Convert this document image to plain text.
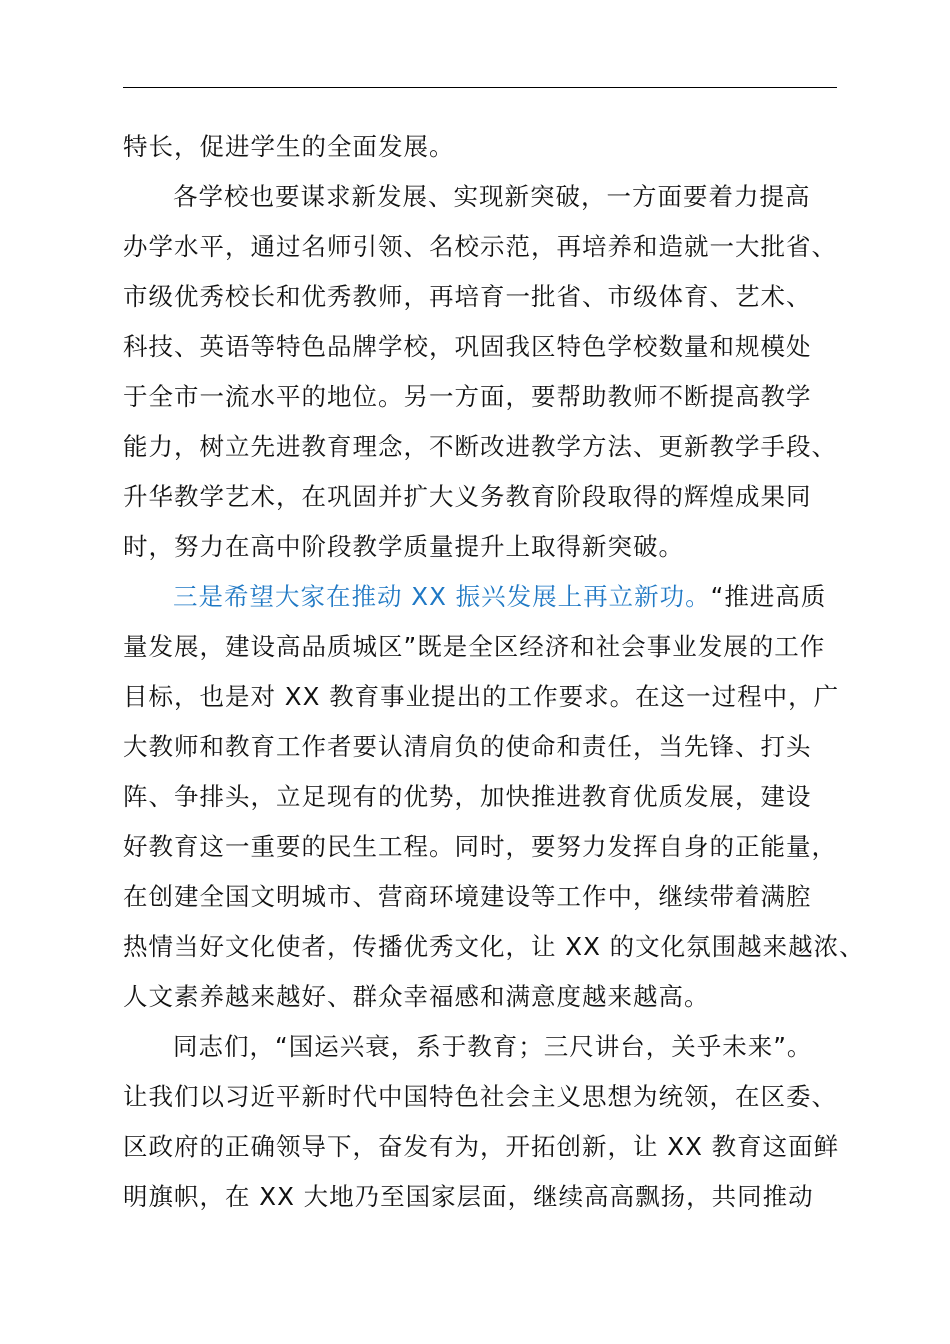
特长，促进学生的全面发展。
各学校也要谋求新发展、实现新突破，一方面要着力提高
办学水平，通过名师引领、名校示范，再培养和造就一大批省、
市级优秀校长和优秀教师，再培育一批省、市级体育、艺术、
科技、英语等特色品牌学校，巩固我区特色学校数量和规模处
于全市一流水平的地位。另一方面，要帮助教师不断提高教学
能力，树立先进教育理念，不断改进教学方法、更新教学手段、
升华教学艺术，在巩固并扩大义务教育阶段取得的辉煌成果同
时，努力在高中阶段教学质量提升上取得新突破。
三是希望大家在推动 XX 振兴发展上再立新功。“推进高质
量发展，建设高品质城区”既是全区经济和社会事业发展的工作
目标，也是对 XX 教育事业提出的工作要求。在这一过程中，广
大教师和教育工作者要认清肩负的使命和责任，当先锋、打头
阵、争排头，立足现有的优势，加快推进教育优质发展，建设
好教育这一重要的民生工程。同时，要努力发挥自身的正能量，
在创建全国文明城市、营商环境建设等工作中，继续带着满腔
热情当好文化使者，传播优秀文化，让 XX 的文化氛围越来越浓、
人文素养越来越好、群众幸福感和满意度越来越高。
同志们，“国运兴衰，系于教育；三尺讲台，关乎未来”。
让我们以习近平新时代中国特色社会主义思想为统领，在区委、
区政府的正确领导下，奋发有为，开拓创新，让 XX 教育这面鲜
明旗帜，在 XX 大地乃至国家层面，继续高高飘扬，共同推动
